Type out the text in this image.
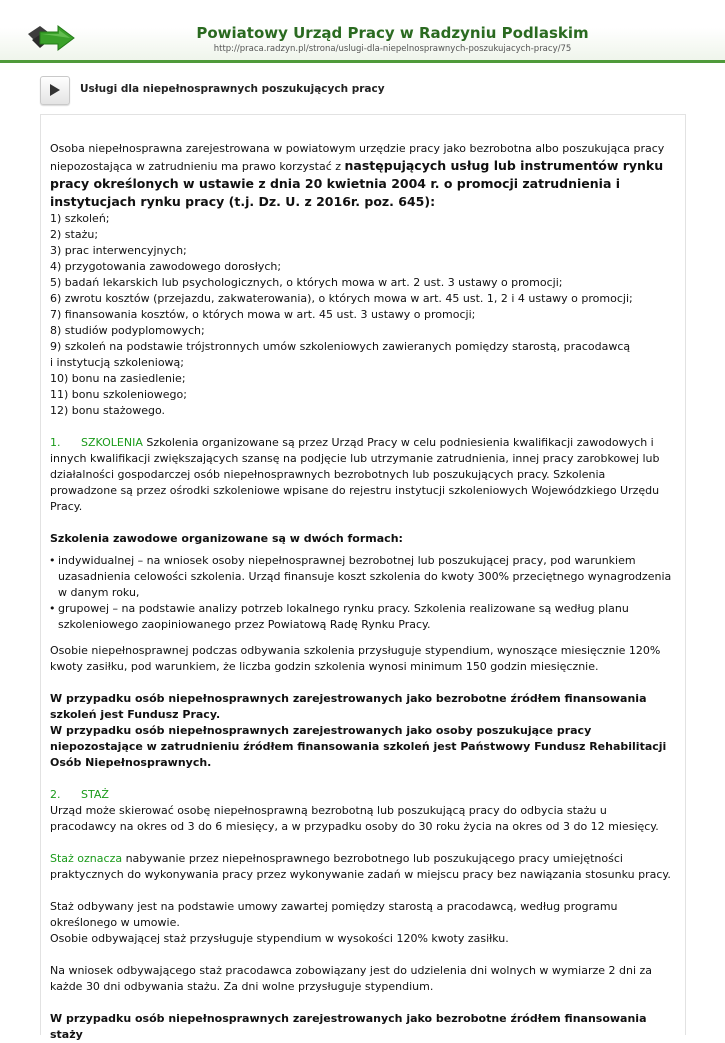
Powiatowy Urząd Pracy w Radzyniu Podlaskim
http://praca.radzyn.pl/strona/uslugi-dla-niepelnosprawnych-poszukujacych-pracy/75
Usługi dla niepełnosprawnych poszukujących pracy

Osoba niepełnosprawna zarejestrowana w powiatowym urzędzie pracy jako bezrobotna albo poszukująca pracy niepozostająca w zatrudnieniu ma prawo korzystać z następujących usług lub instrumentów rynku pracy określonych w ustawie z dnia 20 kwietnia 2004 r. o promocji zatrudnienia i instytucjach rynku pracy (t.j. Dz. U. z 2016r. poz. 645):

1) szkoleń;
2) stażu;
3) prac interwencyjnych;
4) przygotowania zawodowego dorosłych;
5) badań lekarskich lub psychologicznych, o których mowa w art. 2 ust. 3 ustawy o promocji;
6) zwrotu kosztów (przejazdu, zakwaterowania), o których mowa w art. 45 ust. 1, 2 i 4 ustawy o promocji;
7) finansowania kosztów, o których mowa w art. 45 ust. 3 ustawy o promocji;
8) studiów podyplomowych;
9) szkoleń na podstawie trójstronnych umów szkoleniowych zawieranych pomiędzy starostą, pracodawcą
i instytucją szkoleniową;
10) bonu na zasiedlenie;
11) bonu szkoleniowego;
12) bonu stażowego.

1. SZKOLENIA Szkolenia organizowane są przez Urząd Pracy w celu podniesienia kwalifikacji zawodowych i innych kwalifikacji zwiększających szansę na podjęcie lub utrzymanie zatrudnienia, innej pracy zarobkowej lub działalności gospodarczej osób niepełnosprawnych bezrobotnych lub poszukujących pracy. Szkolenia prowadzone są przez ośrodki szkoleniowe wpisane do rejestru instytucji szkoleniowych Wojewódzkiego Urzędu Pracy.

Szkolenia zawodowe organizowane są w dwóch formach:

• indywidualnej – na wniosek osoby niepełnosprawnej bezrobotnej lub poszukującej pracy, pod warunkiem uzasadnienia celowości szkolenia. Urząd finansuje koszt szkolenia do kwoty 300% przeciętnego wynagrodzenia w danym roku,
• grupowej – na podstawie analizy potrzeb lokalnego rynku pracy. Szkolenia realizowane są według planu szkoleniowego zaopiniowanego przez Powiatową Radę Rynku Pracy.

Osobie niepełnosprawnej podczas odbywania szkolenia przysługuje stypendium, wynoszące miesięcznie 120% kwoty zasiłku, pod warunkiem, że liczba godzin szkolenia wynosi minimum 150 godzin miesięcznie.

W przypadku osób niepełnosprawnych zarejestrowanych jako bezrobotne źródłem finansowania szkoleń jest Fundusz Pracy.

W przypadku osób niepełnosprawnych zarejestrowanych jako osoby poszukujące pracy niepozostające w zatrudnieniu źródłem finansowania szkoleń jest Państwowy Fundusz Rehabilitacji Osób Niepełnosprawnych.

2. STAŻ

Urząd może skierować osobę niepełnosprawną bezrobotną lub poszukującą pracy do odbycia stażu u pracodawcy na okres od 3 do 6 miesięcy, a w przypadku osoby do 30 roku życia na okres od 3 do 12 miesięcy.

Staż oznacza nabywanie przez niepełnosprawnego bezrobotnego lub poszukującego pracy umiejętności praktycznych do wykonywania pracy przez wykonywanie zadań w miejscu pracy bez nawiązania stosunku pracy.

Staż odbywany jest na podstawie umowy zawartej pomiędzy starostą a pracodawcą, według programu określonego w umowie.

Osobie odbywającej staż przysługuje stypendium w wysokości 120% kwoty zasiłku.

Na wniosek odbywającego staż pracodawca zobowiązany jest do udzielenia dni wolnych w wymiarze 2 dni za każde 30 dni odbywania stażu. Za dni wolne przysługuje stypendium.

W przypadku osób niepełnosprawnych zarejestrowanych jako bezrobotne źródłem finansowania staży
